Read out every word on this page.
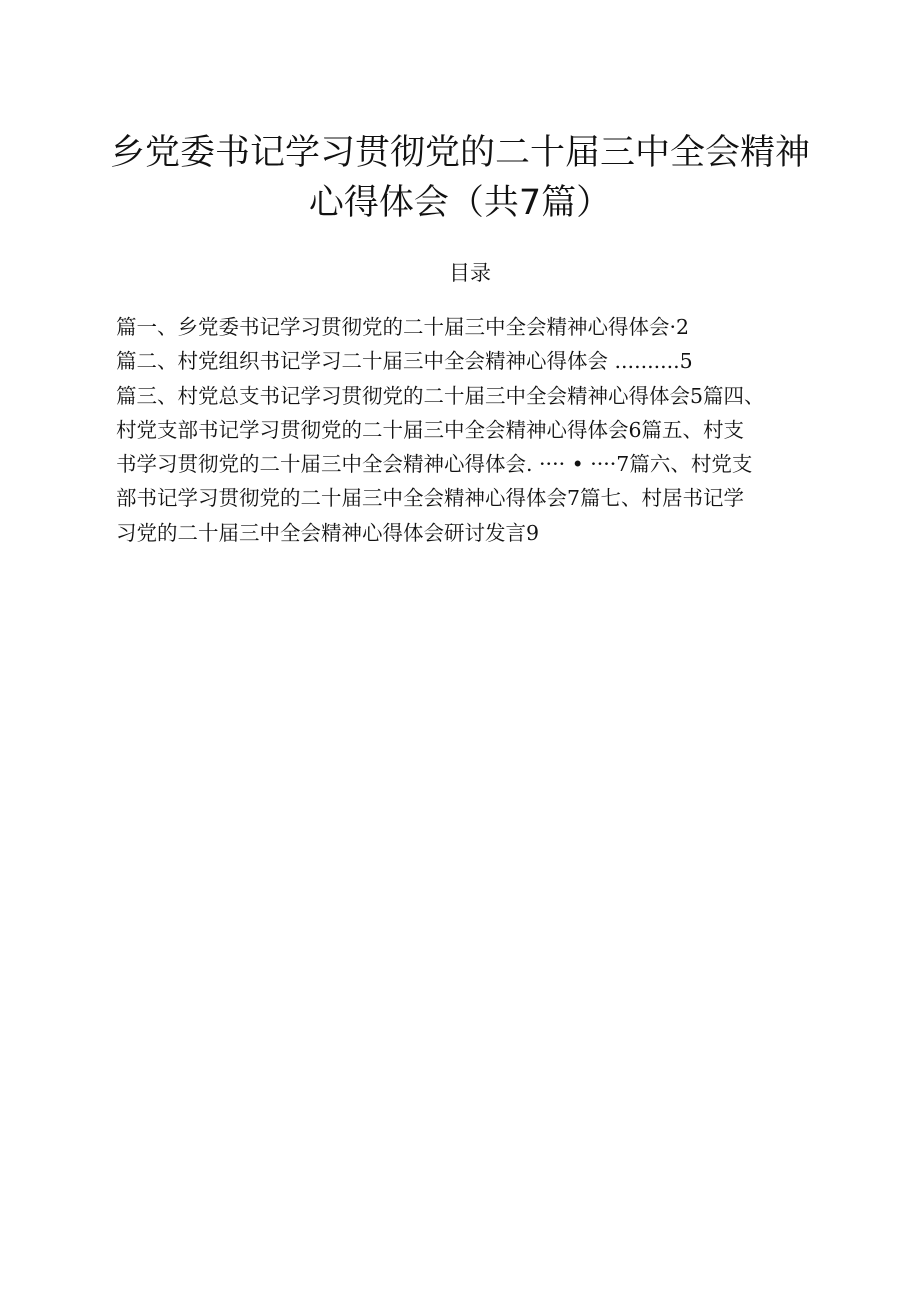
乡党委书记学习贯彻党的二十届三中全会精神
心得体会（共7篇）
目录
篇一、乡党委书记学习贯彻党的二十届三中全会精神心得体会·2
篇二、村党组织书记学习二十届三中全会精神心得体会 ..........5
篇三、村党总支书记学习贯彻党的二十届三中全会精神心得体会5篇四、
村党支部书记学习贯彻党的二十届三中全会精神心得体会6篇五、村支
书学习贯彻党的二十届三中全会精神心得体会. ···· • ····7篇六、村党支
部书记学习贯彻党的二十届三中全会精神心得体会7篇七、村居书记学
习党的二十届三中全会精神心得体会研讨发言9
